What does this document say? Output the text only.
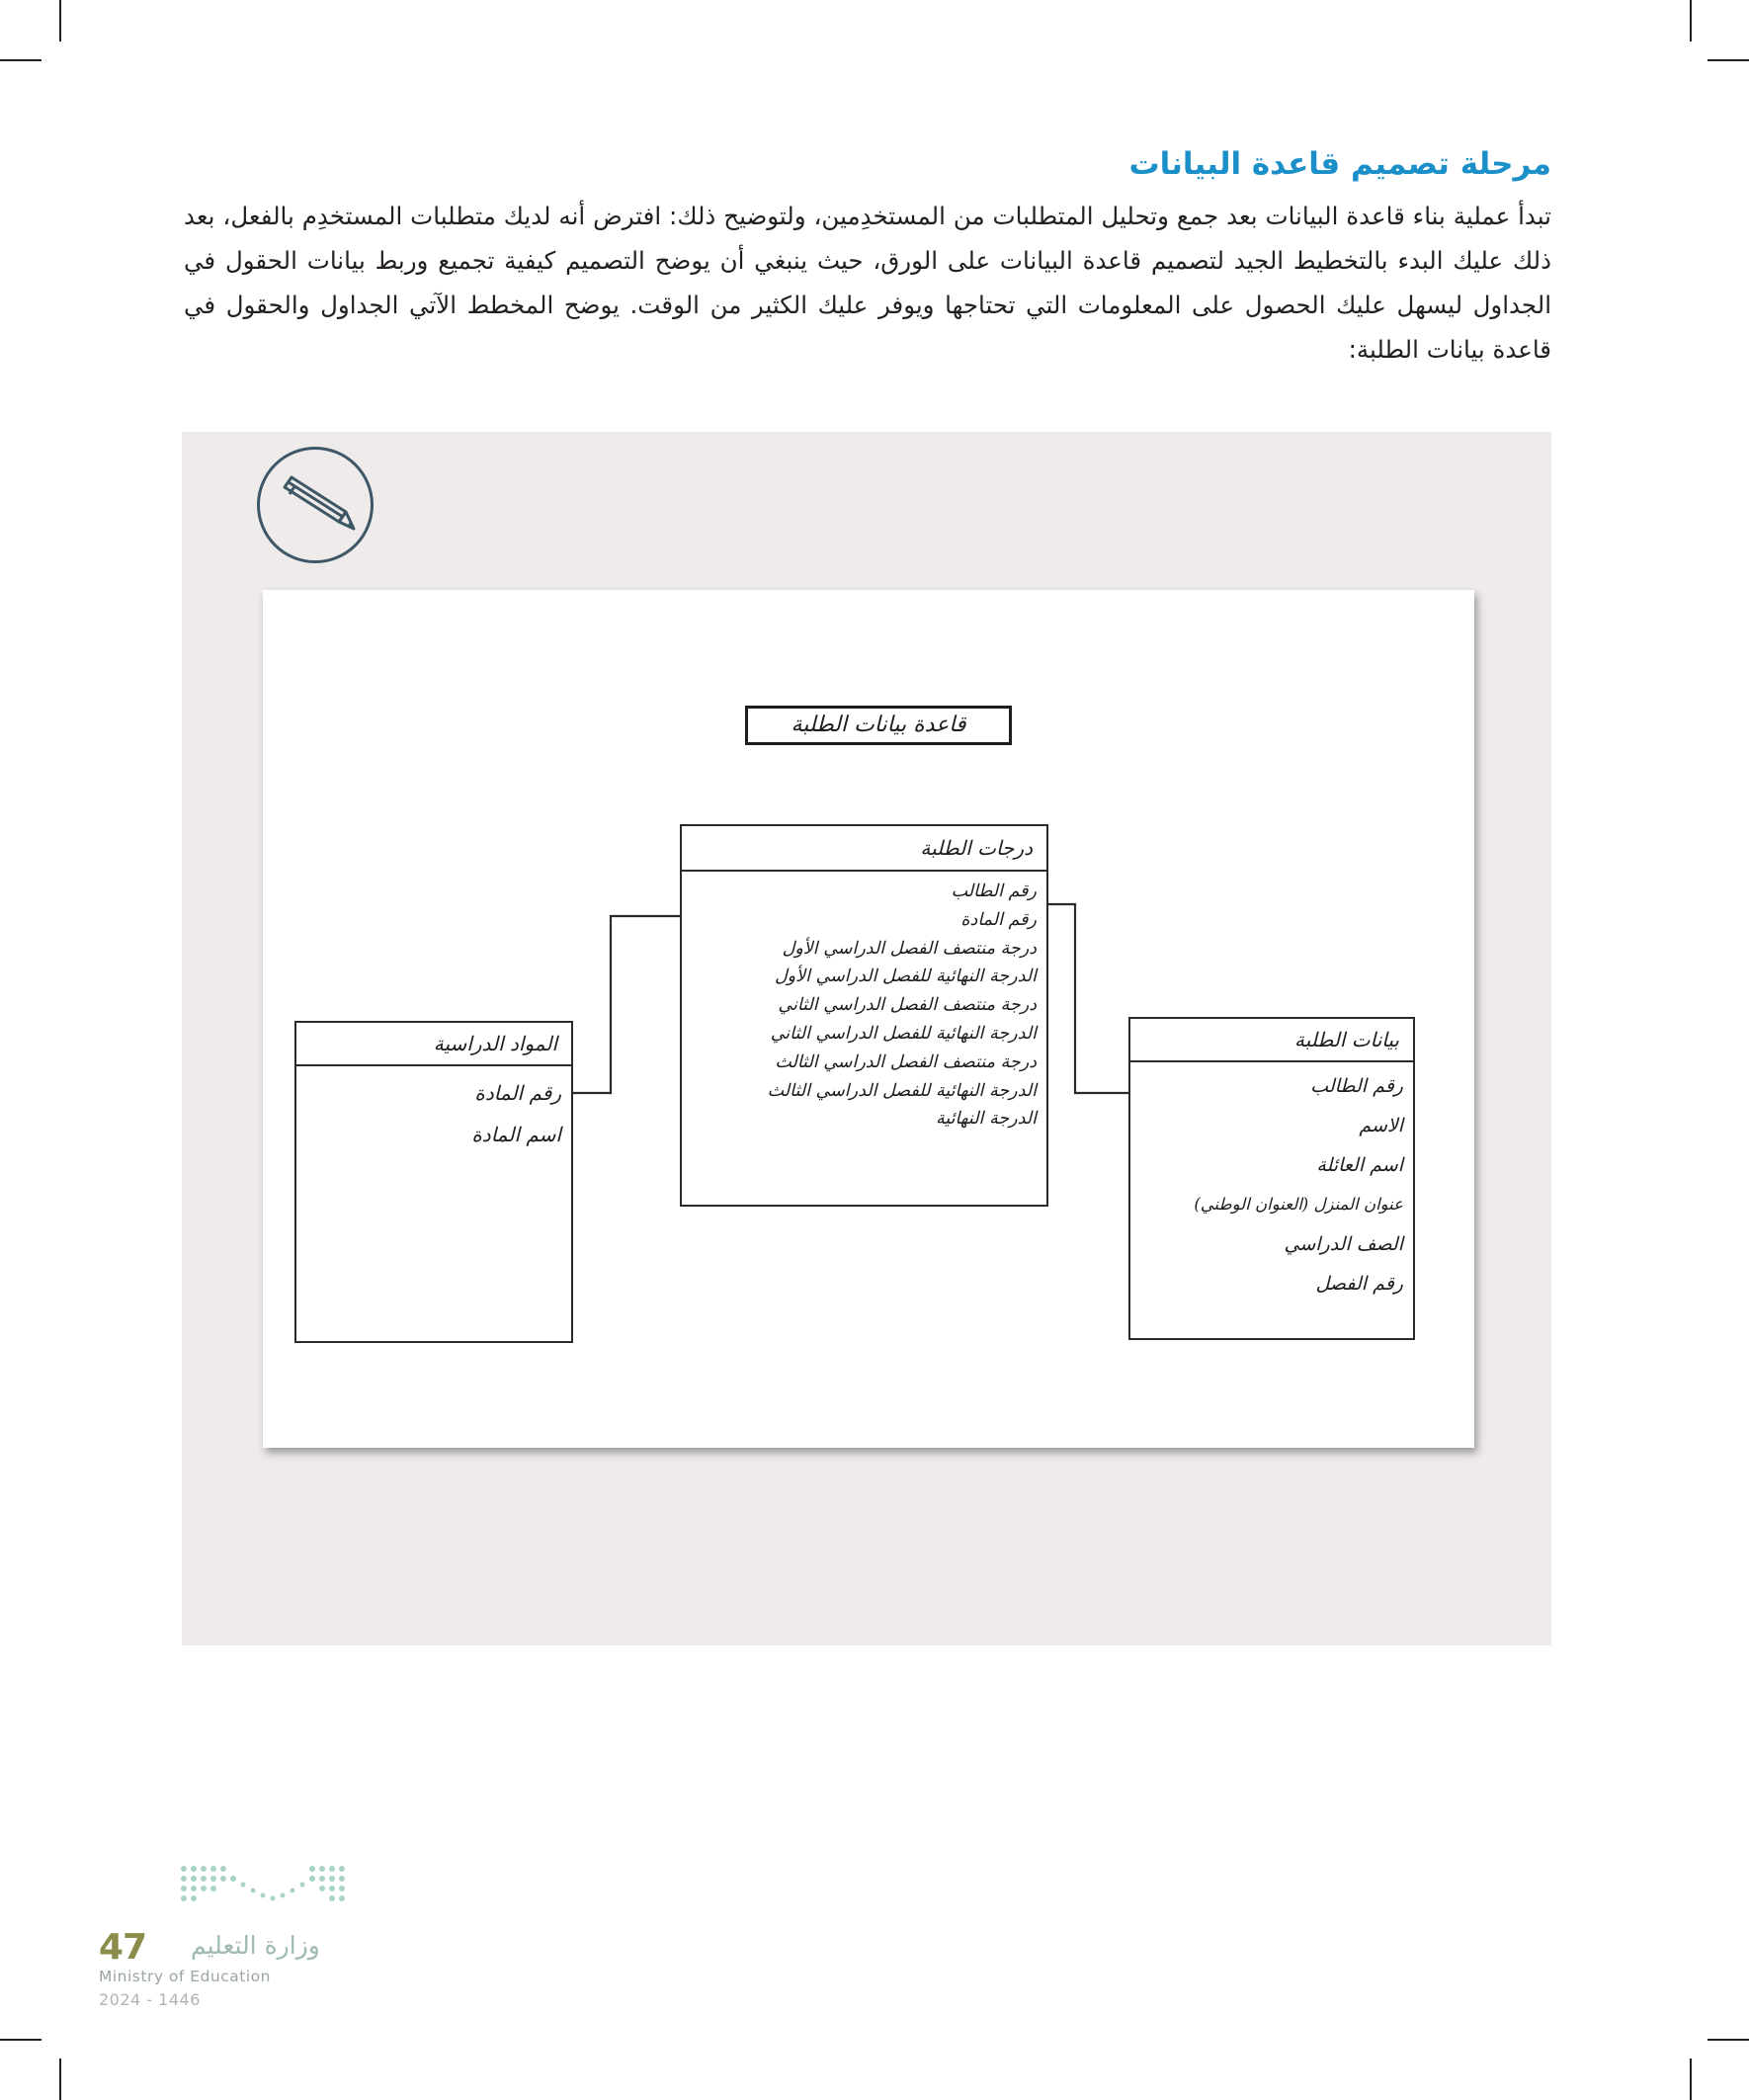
مرحلة تصميم قاعدة البيانات

تبدأ عملية بناء قاعدة البيانات بعد جمع وتحليل المتطلبات من المستخدِمين، ولتوضيح ذلك: افترض أنه لديك متطلبات المستخدِم بالفعل، بعد ذلك عليك البدء بالتخطيط الجيد لتصميم قاعدة البيانات على الورق، حيث ينبغي أن يوضح التصميم كيفية تجميع وربط بيانات الحقول في الجداول ليسهل عليك الحصول على المعلومات التي تحتاجها ويوفر عليك الكثير من الوقت. يوضح المخطط الآتي الجداول والحقول في قاعدة بيانات الطلبة:

قاعدة بيانات الطلبة
درجات الطلبة
رقم الطالب
رقم المادة
درجة منتصف الفصل الدراسي الأول
الدرجة النهائية للفصل الدراسي الأول
درجة منتصف الفصل الدراسي الثاني
الدرجة النهائية للفصل الدراسي الثاني
درجة منتصف الفصل الدراسي الثالث
الدرجة النهائية للفصل الدراسي الثالث
الدرجة النهائية
بيانات الطلبة
رقم الطالب
الاسم
اسم العائلة
عنوان المنزل (العنوان الوطني)
الصف الدراسي
رقم الفصل
المواد الدراسية
رقم المادة
اسم المادة
وزارة التعليم
47
Ministry of Education
2024 - 1446
